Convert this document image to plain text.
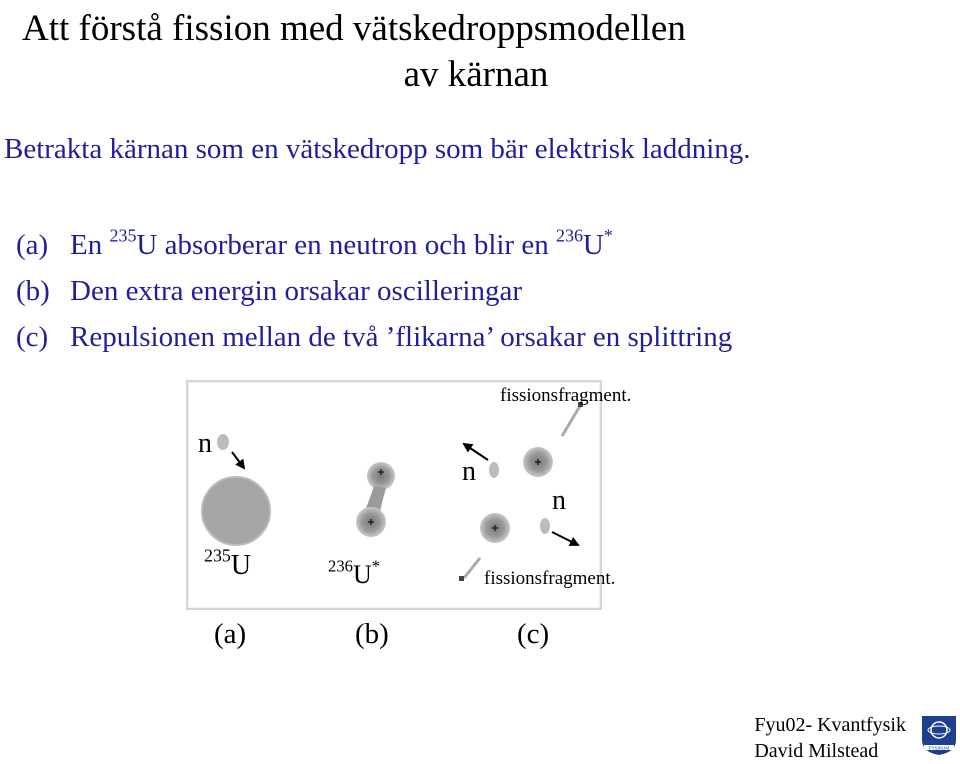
Att förstå fission med vätskedroppsmodellen
av kärnan
Betrakta kärnan som en vätskedropp som bär elektrisk laddning.
(a) En $^{235}$U absorberar en neutron och blir en $^{236}$U*
(b) Den extra energin orsakar oscilleringar
(c) Repulsionen mellan de två ’flikarna’ orsakar en splittring
n
n
n
fissionsfragment.
fissionsfragment.
$^{235}$U	$^{236}$U*
(a)	(b)	(c)
Fyu02- Kvantfysik
David Milstead	FYSIKUM
